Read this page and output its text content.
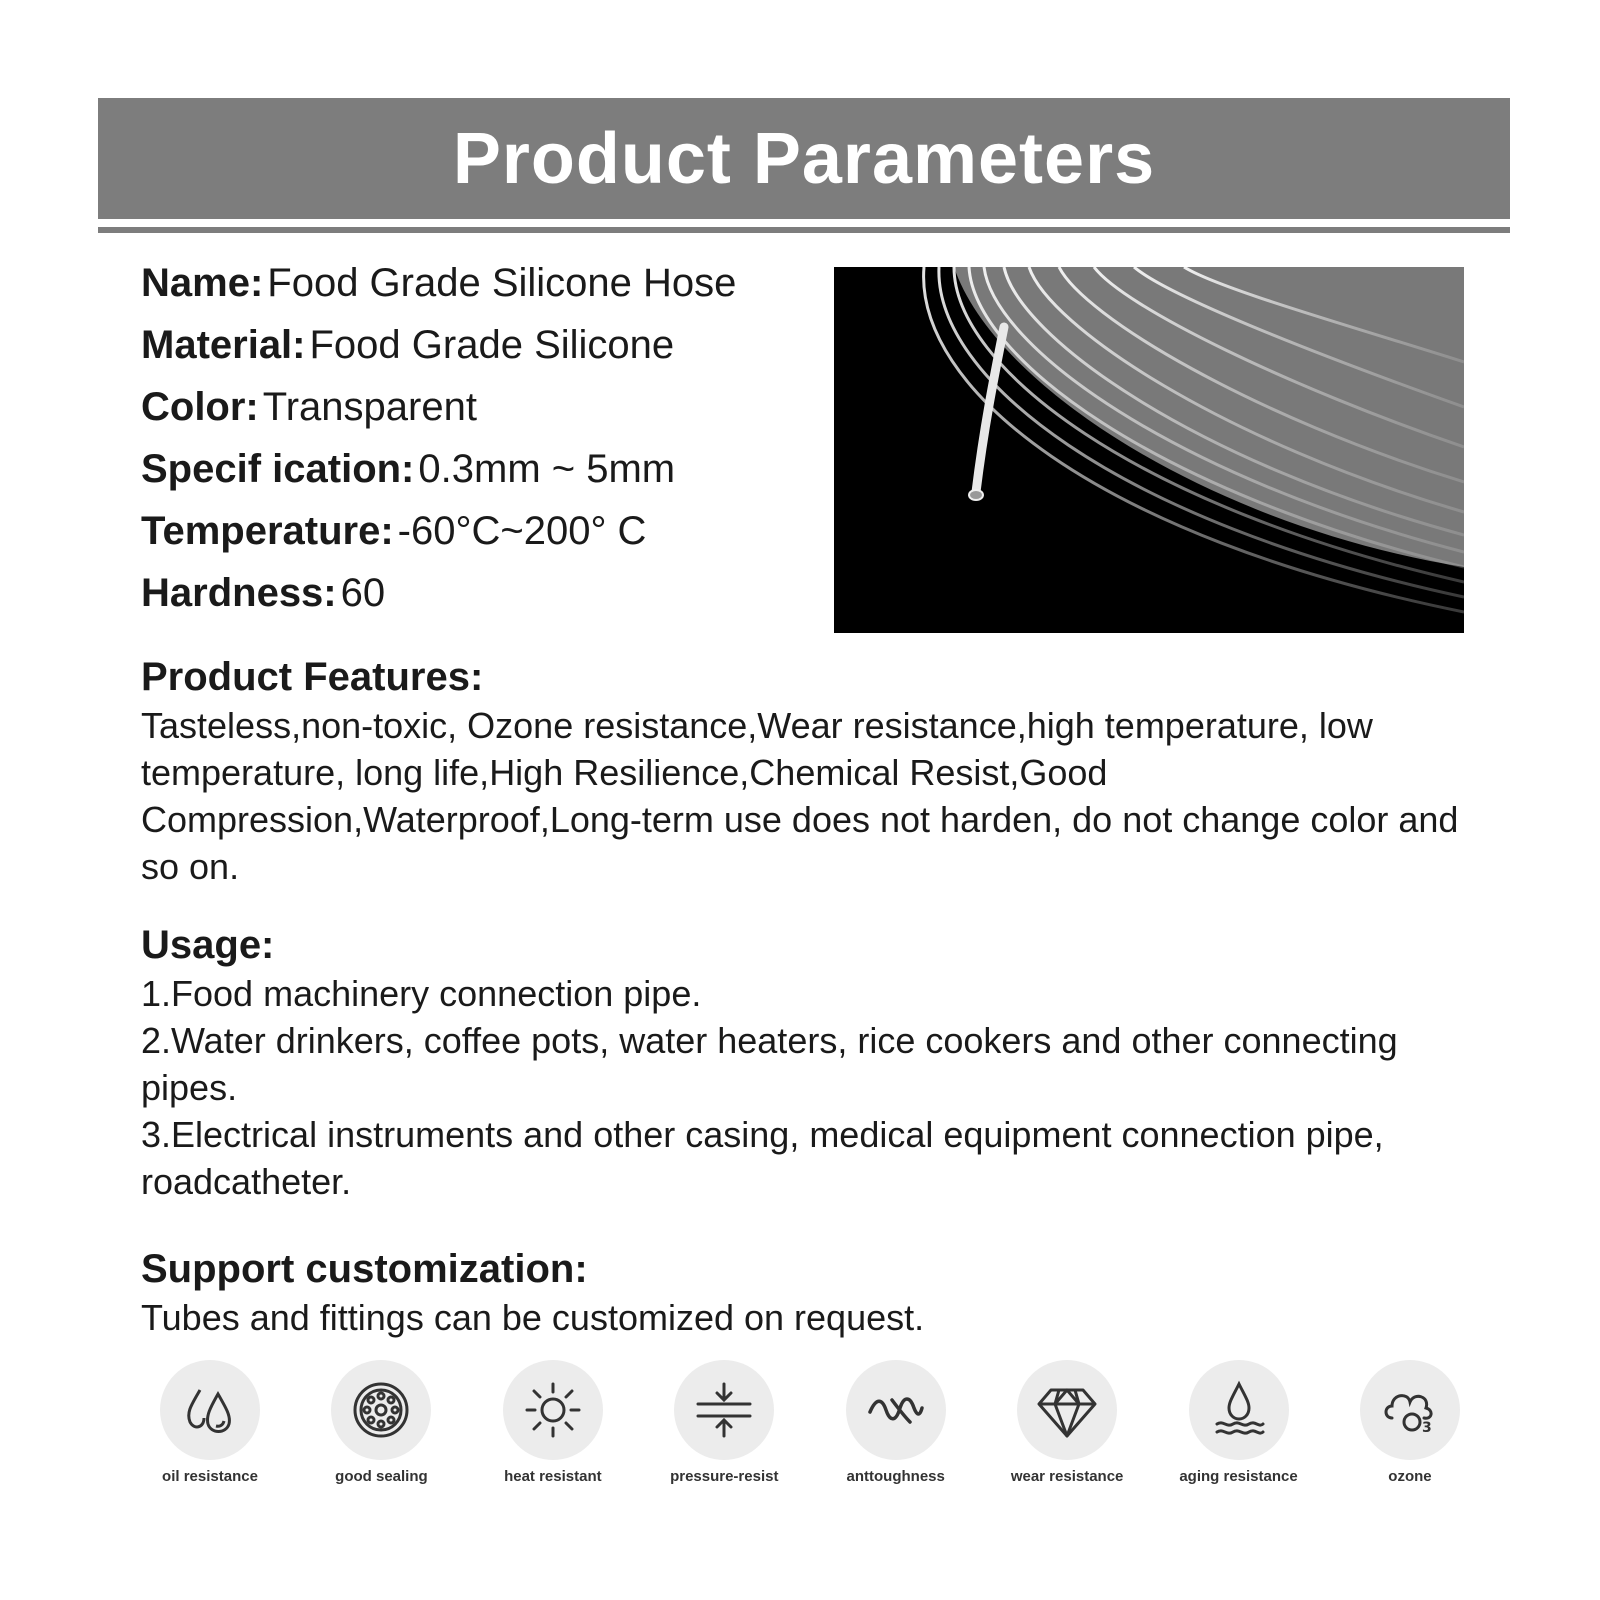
Product Parameters
Name: Food Grade Silicone Hose
Material: Food Grade Silicone
Color: Transparent
Specif ication: 0.3mm ~ 5mm
Temperature: -60°C~200° C
Hardness: 60
Product Features:

Tasteless,non-toxic, Ozone resistance,Wear resistance,high temperature, low temperature, long life,High Resilience,Chemical Resist,Good Compression,Waterproof,Long-term use does not harden, do not change color and so on.

Usage:

1.Food machinery connection pipe.

2.Water drinkers, coffee pots, water heaters, rice cookers and other connecting pipes.

3.Electrical instruments and other casing, medical equipment connection pipe, roadcatheter.

Support customization:

Tubes and fittings can be customized on request.

oil resistance	good sealing	heat resistant	pressure-resist	anttoughness	wear resistance	aging resistance
3
ozone
